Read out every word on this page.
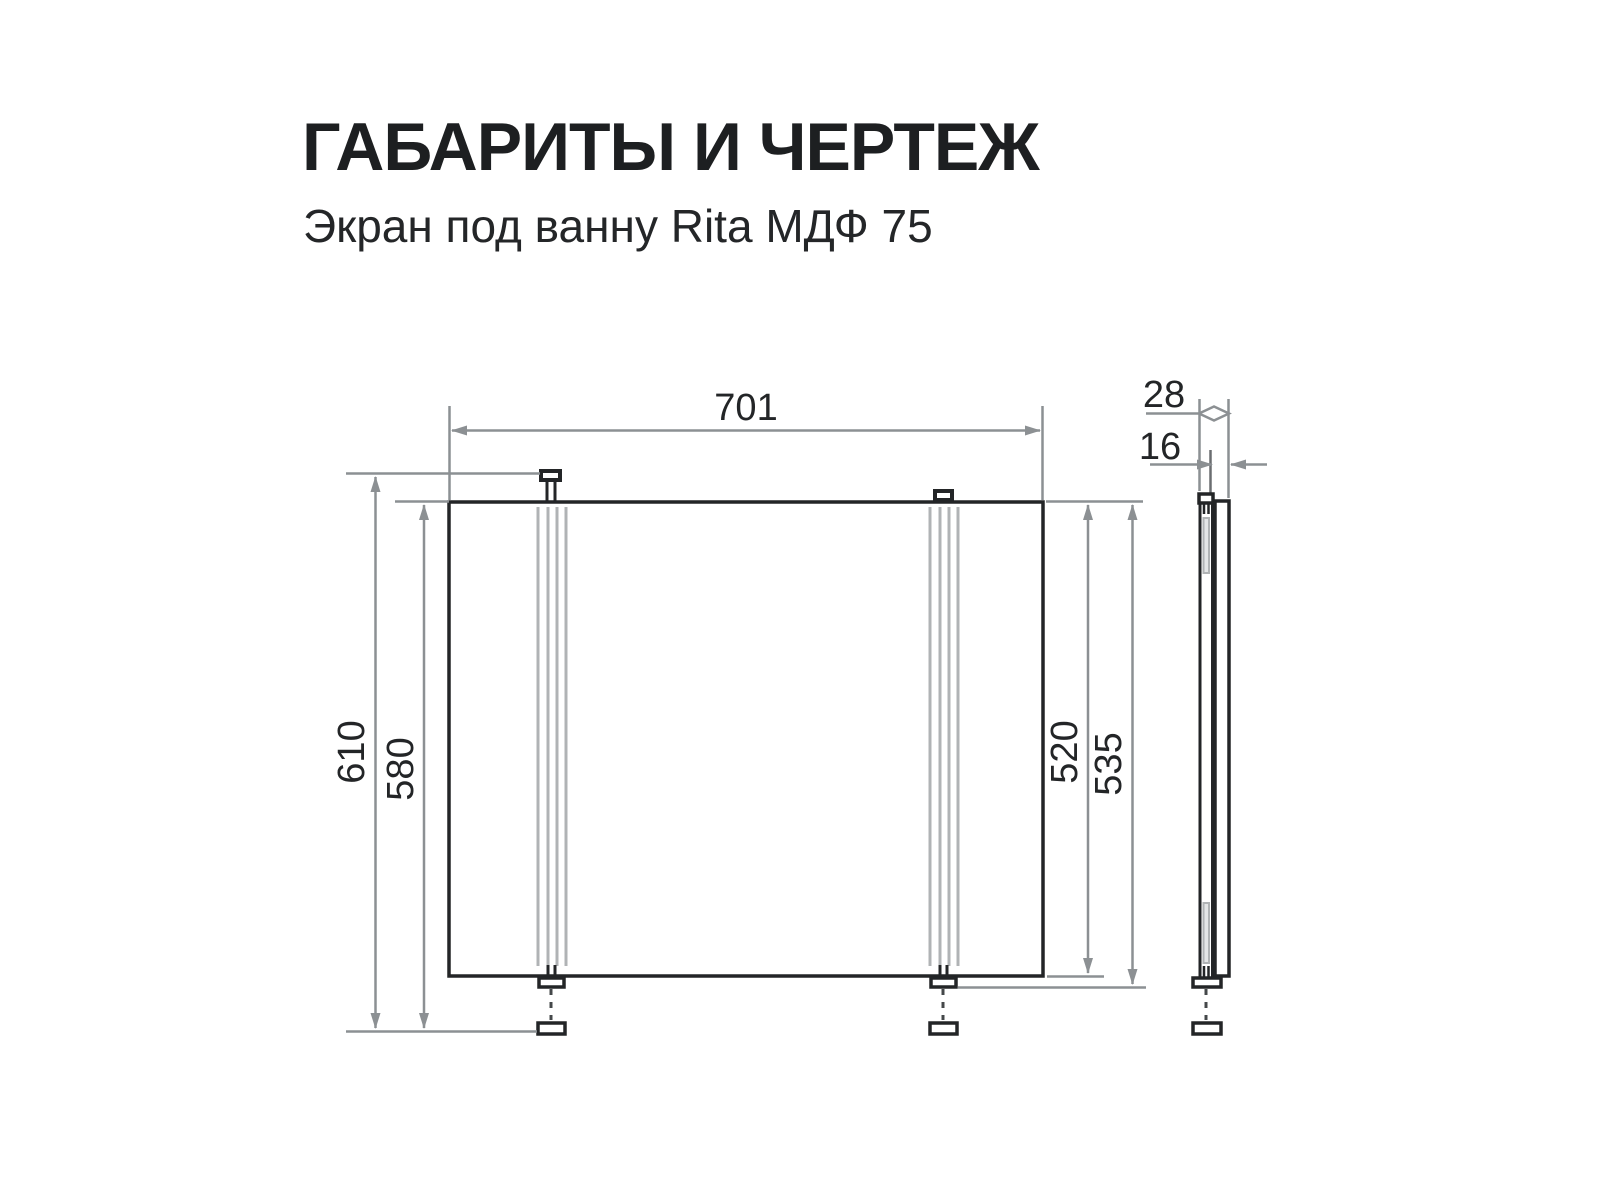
ГАБАРИТЫ И ЧЕРТЕЖ
Экран под ванну Rita МДФ 75
701
610 580	520 535
28
16
